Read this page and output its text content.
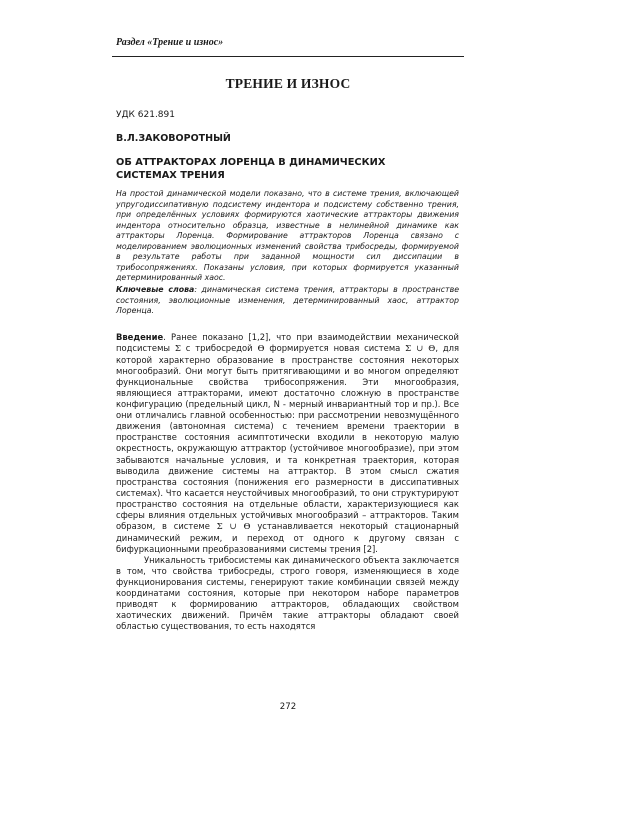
Раздел «Трение и износ»
ТРЕНИЕ И ИЗНОС
УДК 621.891
В.Л.ЗАКОВОРОТНЫЙ
ОБ АТТРАКТОРАХ ЛОРЕНЦА В ДИНАМИЧЕСКИХ СИСТЕМАХ ТРЕНИЯ
На простой динамической модели показано, что в системе трения, включающей упругодиссипативную подсистему индентора и подсистему собственно трения, при определённых условиях формируются хаотические аттракторы движения индентора относительно образца, известные в нелинейной динамике как аттракторы Лоренца. Формирование аттракторов Лоренца связано с моделированием эволюционных изменений свойства трибосреды, формируемой в результате работы при заданной мощности сил диссипации в трибосопряжениях. Показаны условия, при которых формируется указанный детерминированный хаос.
Ключевые слова: динамическая система трения, аттракторы в пространстве состояния, эволюционные изменения, детерминированный хаос, аттрактор Лоренца.

Введение. Ранее показано [1,2], что при взаимодействии механической подсистемы Σ с трибосредой Θ формируется новая система Σ ∪ Θ, для которой характерно образование в пространстве состояния некоторых многообразий. Они могут быть притягивающими и во многом определяют функциональные свойства трибосопряжения. Эти многообразия, являющиеся аттракторами, имеют достаточно сложную в пространстве конфигурацию (предельный цикл, N - мерный инвариантный тор и пр.). Все они отличались главной особенностью: при рассмотрении невозмущённого движения (автономная система) с течением времени траектории в пространстве состояния асимптотически входили в некоторую малую окрестность, окружающую аттрактор (устойчивое многообразие), при этом забываются начальные условия, и та конкретная траектория, которая выводила движение системы на аттрактор. В этом смысл сжатия пространства состояния (понижения его размерности в диссипативных системах). Что касается неустойчивых многообразий, то они структурируют пространство состояния на отдельные области, характеризующиеся как сферы влияния отдельных устойчивых многообразий – аттракторов. Таким образом, в системе Σ ∪ Θ устанавливается некоторый стационарный динамический режим, и переход от одного к другому связан с бифуркационными преобразованиями системы трения [2].

Уникальность трибосистемы как динамического объекта заключается в том, что свойства трибосреды, строго говоря, изменяющиеся в ходе функционирования системы, генерируют такие комбинации связей между координатами состояния, которые при некотором наборе параметров приводят к формированию аттракторов, обладающих свойством хаотических движений. Причём такие аттракторы обладают своей областью существования, то есть находятся

272
